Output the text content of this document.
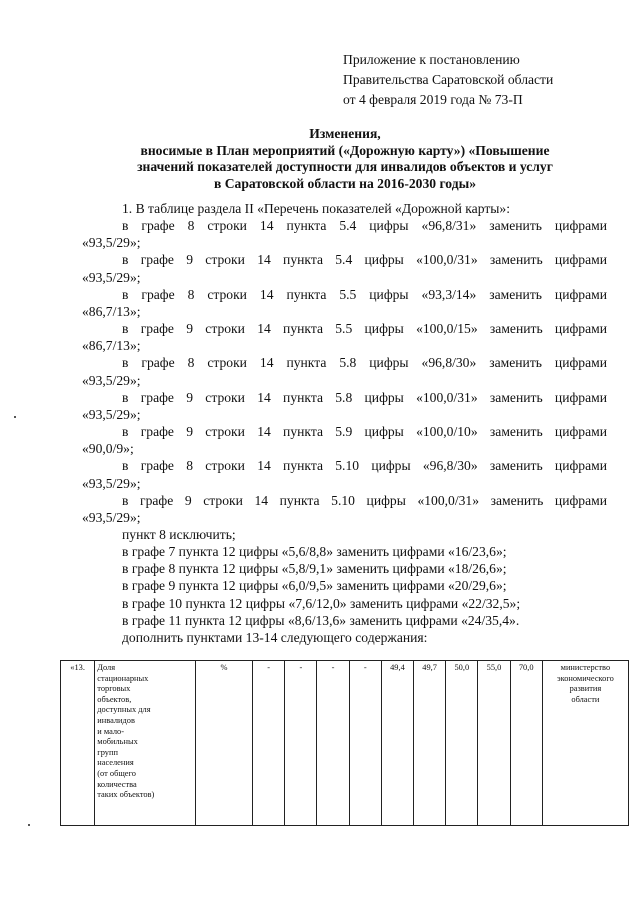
Приложение к постановлению
Правительства Саратовской области
от 4 февраля 2019 года № 73-П
Изменения,
вносимые в План мероприятий («Дорожную карту») «Повышение
значений показателей доступности для инвалидов объектов и услуг
в Саратовской области на 2016-2030 годы»

1. В таблице раздела II «Перечень показателей «Дорожной карты»:

в графе 8 строки 14 пункта 5.4 цифры «96,8/31» заменить цифрами

«93,5/29»;

в графе 9 строки 14 пункта 5.4 цифры «100,0/31» заменить цифрами

«93,5/29»;

в графе 8 строки 14 пункта 5.5 цифры «93,3/14» заменить цифрами

«86,7/13»;

в графе 9 строки 14 пункта 5.5 цифры «100,0/15» заменить цифрами

«86,7/13»;

в графе 8 строки 14 пункта 5.8 цифры «96,8/30» заменить цифрами

«93,5/29»;

в графе 9 строки 14 пункта 5.8 цифры «100,0/31» заменить цифрами

«93,5/29»;

в графе 9 строки 14 пункта 5.9 цифры «100,0/10» заменить цифрами

«90,0/9»;

в графе 8 строки 14 пункта 5.10 цифры «96,8/30» заменить цифрами

«93,5/29»;

в графе 9 строки 14 пункта 5.10 цифры «100,0/31» заменить цифрами

«93,5/29»;

пункт 8 исключить;

в графе 7 пункта 12 цифры «5,6/8,8» заменить цифрами «16/23,6»;

в графе 8 пункта 12 цифры «5,8/9,1» заменить цифрами «18/26,6»;

в графе 9 пункта 12 цифры «6,0/9,5» заменить цифрами «20/29,6»;

в графе 10 пункта 12 цифры «7,6/12,0» заменить цифрами «22/32,5»;

в графе 11 пункта 12 цифры «8,6/13,6» заменить цифрами «24/35,4».

дополнить пунктами 13-14 следующего содержания:

«13.	Доля
стационарных
торговых
объектов,
доступных для
инвалидов
и мало-
мобильных
групп
населения
(от общего
количества
таких объектов)
	%	-	-	-	-	49,4	49,7	50,0	55,0	70,0	министерство
экономического
развития
области
